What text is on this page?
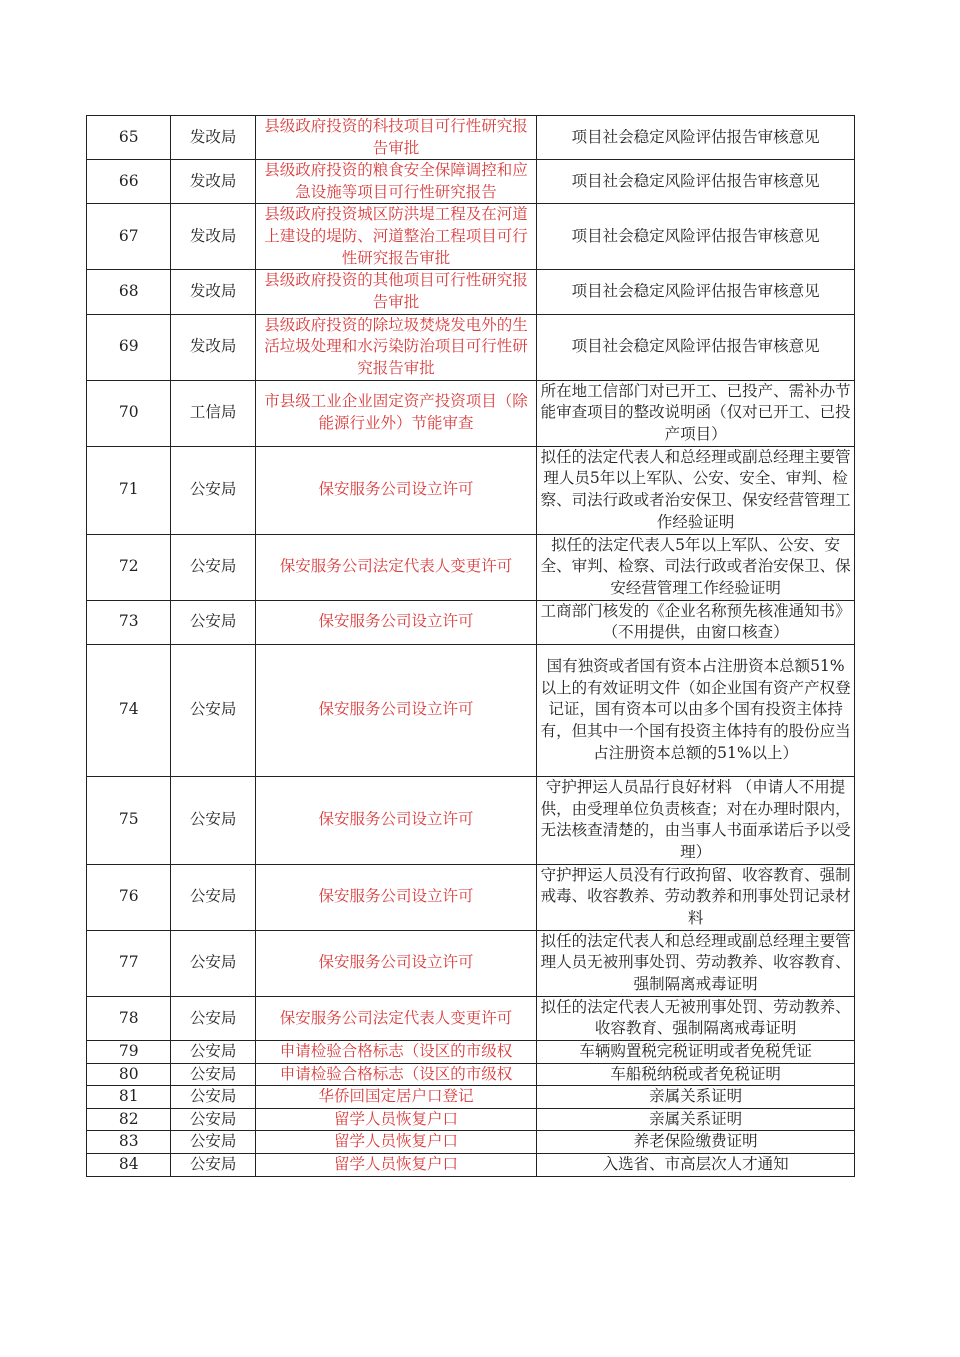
65	发改局	县级政府投资的科技项目可行性研究报告审批	项目社会稳定风险评估报告审核意见
66	发改局	县级政府投资的粮食安全保障调控和应急设施等项目可行性研究报告	项目社会稳定风险评估报告审核意见
67	发改局	县级政府投资城区防洪堤工程及在河道上建设的堤防、河道整治工程项目可行性研究报告审批	项目社会稳定风险评估报告审核意见
68	发改局	县级政府投资的其他项目可行性研究报告审批	项目社会稳定风险评估报告审核意见
69	发改局	县级政府投资的除垃圾焚烧发电外的生活垃圾处理和水污染防治项目可行性研究报告审批	项目社会稳定风险评估报告审核意见
70	工信局	市县级工业企业固定资产投资项目（除能源行业外）节能审查	所在地工信部门对已开工、已投产、需补办节能审查项目的整改说明函（仅对已开工、已投产项目）
71	公安局	保安服务公司设立许可	拟任的法定代表人和总经理或副总经理主要管理人员5年以上军队、公安、安全、审判、检察、司法行政或者治安保卫、保安经营管理工作经验证明
72	公安局	保安服务公司法定代表人变更许可	拟任的法定代表人5年以上军队、公安、安全、审判、检察、司法行政或者治安保卫、保安经营管理工作经验证明
73	公安局	保安服务公司设立许可	工商部门核发的《企业名称预先核准通知书》（不用提供，由窗口核查）
74	公安局	保安服务公司设立许可	国有独资或者国有资本占注册资本总额51%以上的有效证明文件（如企业国有资产产权登记证，国有资本可以由多个国有投资主体持有，但其中一个国有投资主体持有的股份应当占注册资本总额的51%以上）
75	公安局	保安服务公司设立许可	守护押运人员品行良好材料 （申请人不用提供，由受理单位负责核查；对在办理时限内，无法核查清楚的，由当事人书面承诺后予以受理）
76	公安局	保安服务公司设立许可	守护押运人员没有行政拘留、收容教育、强制戒毒、收容教养、劳动教养和刑事处罚记录材料
77	公安局	保安服务公司设立许可	拟任的法定代表人和总经理或副总经理主要管理人员无被刑事处罚、劳动教养、收容教育、强制隔离戒毒证明
78	公安局	保安服务公司法定代表人变更许可	拟任的法定代表人无被刑事处罚、劳动教养、收容教育、强制隔离戒毒证明
79	公安局	申请检验合格标志（设区的市级权	车辆购置税完税证明或者免税凭证
80	公安局	申请检验合格标志（设区的市级权	车船税纳税或者免税证明
81	公安局	华侨回国定居户口登记	亲属关系证明
82	公安局	留学人员恢复户口	亲属关系证明
83	公安局	留学人员恢复户口	养老保险缴费证明
84	公安局	留学人员恢复户口	入选省、市高层次人才通知
